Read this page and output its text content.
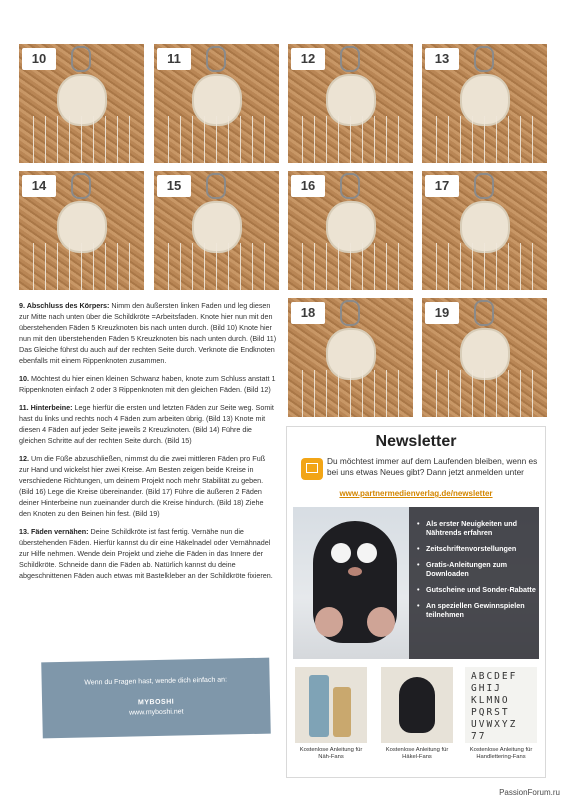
10	11	12	13
14	15	16	17
18	19

9. Abschluss des Körpers: Nimm den äußersten linken Faden und leg diesen zur Mitte nach unten über die Schildkröte =Arbeitsfaden. Knote hier nun mit den überstehenden Fäden 5 Kreuzknoten bis nach unten durch. (Bild 10) Knote hier nun mit den überstehenden Fäden 5 Kreuzknoten bis nach unten durch. (Bild 11) Das Gleiche führst du auch auf der rechten Seite durch. Verknote die Endknoten ebenfalls mit einem Rippenknoten zusammen.

10. Möchtest du hier einen kleinen Schwanz haben, knote zum Schluss anstatt 1 Rippenknoten einfach 2 oder 3 Rippenknoten mit den gleichen Fäden. (Bild 12)

11. Hinterbeine: Lege hierfür die ersten und letzten Fäden zur Seite weg. Somit hast du links und rechts noch 4 Fäden zum arbeiten übrig. (Bild 13) Knote mit diesen 4 Fäden auf jeder Seite jeweils 2 Kreuzknoten. (Bild 14) Führe die gleichen Schritte auf der rechten Seite durch. (Bild 15)

12. Um die Füße abzuschließen, nimmst du die zwei mittleren Fäden pro Fuß zur Hand und wickelst hier zwei Kreise. Am Besten zeigen beide Kreise in verschiedene Richtungen, um deinem Projekt noch mehr Stabilität zu geben. (Bild 16) Lege die Kreise übereinander. (Bild 17) Führe die äußeren 2 Fäden deiner Hinterbeine nun zueinander durch die Kreise hindurch. (Bild 18) Ziehe den Knoten zu den Beinen hin fest. (Bild 19)

13. Fäden vernähen: Deine Schildkröte ist fast fertig. Vernähe nun die überstehenden Fäden. Hierfür kannst du dir eine Häkelnadel oder Vernähnadel zur Hilfe nehmen. Wende dein Projekt und ziehe die Fäden in das Innere der Schildkröte. Schneide dann die Fäden ab. Natürlich kannst du deine abgeschnittenen Fäden auch etwas mit Bastelkleber an der Schildkröte fixieren.

Wenn du Fragen hast, wende dich einfach an:
MYBOSHI
www.myboshi.net
Newsletter
Du möchtest immer auf dem Laufenden bleiben, wenn es bei uns etwas Neues gibt? Dann jetzt anmelden unter
www.partnermedienverlag.de/newsletter
• Als erster Neuigkeiten und Nähtrends erfahren
• Zeitschriftenvorstellungen
• Gratis-Anleitungen zum Downloaden
• Gutscheine und Sonder-Rabatte
• An speziellen Gewinnspielen teilnehmen
Kostenlose Anleitung für Näh-Fans
Kostenlose Anleitung für Häkel-Fans
ABCDEF GHIJ KLMNO PQRST UVWXYZ 77
Kostenlose Anleitung für Handlettering-Fans
PassionForum.ru
